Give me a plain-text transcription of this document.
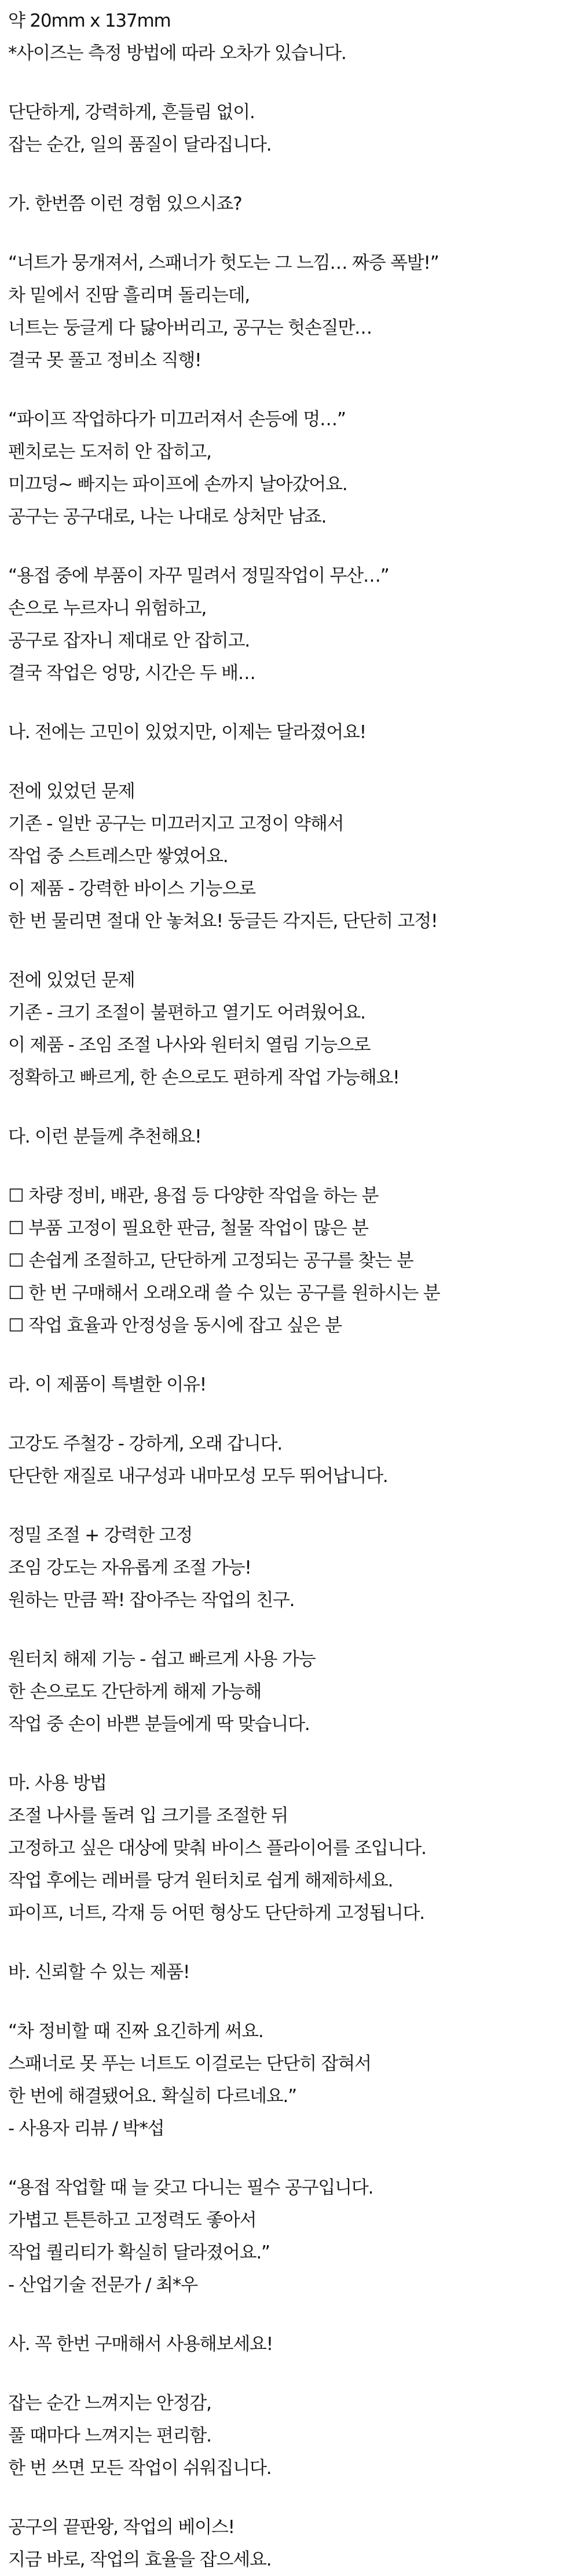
약 20mm x 137mm
*사이즈는 측정 방법에 따라 오차가 있습니다.
단단하게, 강력하게, 흔들림 없이.
잡는 순간, 일의 품질이 달라집니다.
가. 한번쯤 이런 경험 있으시죠?
“너트가 뭉개져서, 스패너가 헛도는 그 느낌… 짜증 폭발!”
차 밑에서 진땀 흘리며 돌리는데,
너트는 둥글게 다 닳아버리고, 공구는 헛손질만…
결국 못 풀고 정비소 직행!
“파이프 작업하다가 미끄러져서 손등에 멍…”
펜치로는 도저히 안 잡히고,
미끄덩~ 빠지는 파이프에 손까지 날아갔어요.
공구는 공구대로, 나는 나대로 상처만 남죠.
“용접 중에 부품이 자꾸 밀려서 정밀작업이 무산…”
손으로 누르자니 위험하고,
공구로 잡자니 제대로 안 잡히고.
결국 작업은 엉망, 시간은 두 배…
나. 전에는 고민이 있었지만, 이제는 달라졌어요!
전에 있었던 문제
기존 - 일반 공구는 미끄러지고 고정이 약해서
작업 중 스트레스만 쌓였어요.
이 제품 - 강력한 바이스 기능으로
한 번 물리면 절대 안 놓쳐요! 둥글든 각지든, 단단히 고정!
전에 있었던 문제
기존 - 크기 조절이 불편하고 열기도 어려웠어요.
이 제품 - 조임 조절 나사와 원터치 열림 기능으로
정확하고 빠르게, 한 손으로도 편하게 작업 가능해요!
다. 이런 분들께 추천해요!
☐ 차량 정비, 배관, 용접 등 다양한 작업을 하는 분
☐ 부품 고정이 필요한 판금, 철물 작업이 많은 분
☐ 손쉽게 조절하고, 단단하게 고정되는 공구를 찾는 분
☐ 한 번 구매해서 오래오래 쓸 수 있는 공구를 원하시는 분
☐ 작업 효율과 안정성을 동시에 잡고 싶은 분
라. 이 제품이 특별한 이유!
고강도 주철강 - 강하게, 오래 갑니다.
단단한 재질로 내구성과 내마모성 모두 뛰어납니다.
정밀 조절 + 강력한 고정
조임 강도는 자유롭게 조절 가능!
원하는 만큼 꽉! 잡아주는 작업의 친구.
원터치 해제 기능 - 쉽고 빠르게 사용 가능
한 손으로도 간단하게 해제 가능해
작업 중 손이 바쁜 분들에게 딱 맞습니다.
마. 사용 방법
조절 나사를 돌려 입 크기를 조절한 뒤
고정하고 싶은 대상에 맞춰 바이스 플라이어를 조입니다.
작업 후에는 레버를 당겨 원터치로 쉽게 해제하세요.
파이프, 너트, 각재 등 어떤 형상도 단단하게 고정됩니다.
바. 신뢰할 수 있는 제품!
“차 정비할 때 진짜 요긴하게 써요.
스패너로 못 푸는 너트도 이걸로는 단단히 잡혀서
한 번에 해결됐어요. 확실히 다르네요.”
- 사용자 리뷰 / 박*섭
“용접 작업할 때 늘 갖고 다니는 필수 공구입니다.
가볍고 튼튼하고 고정력도 좋아서
작업 퀄리티가 확실히 달라졌어요.”
- 산업기술 전문가 / 최*우
사. 꼭 한번 구매해서 사용해보세요!
잡는 순간 느껴지는 안정감,
풀 때마다 느껴지는 편리함.
한 번 쓰면 모든 작업이 쉬워집니다.
공구의 끝판왕, 작업의 베이스!
지금 바로, 작업의 효율을 잡으세요.
